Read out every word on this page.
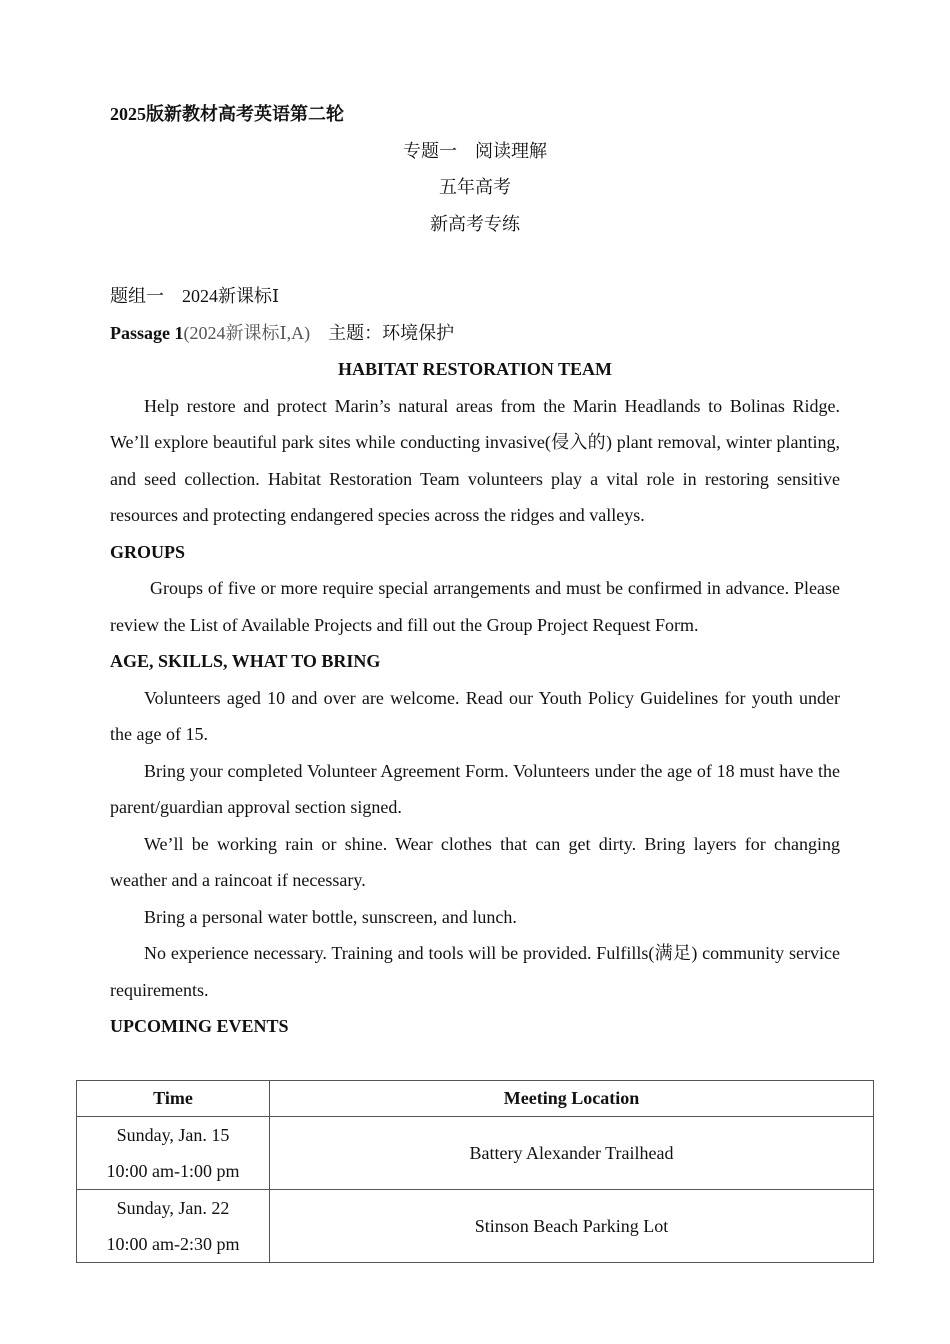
2025版新教材高考英语第二轮

专题一　阅读理解

五年高考

新高考专练

题组一　2024新课标Ⅰ

Passage 1(2024新课标Ⅰ,A)　主题：环境保护

HABITAT RESTORATION TEAM

Help restore and protect Marin’s natural areas from the Marin Headlands to Bolinas Ridge. We’ll explore beautiful park sites while conducting invasive(侵入的) plant removal, winter planting, and seed collection. Habitat Restoration Team volunteers play a vital role in restoring sensitive resources and protecting endangered species across the ridges and valleys.

GROUPS

Groups of five or more require special arrangements and must be confirmed in advance. Please review the List of Available Projects and fill out the Group Project Request Form.

AGE, SKILLS, WHAT TO BRING

Volunteers aged 10 and over are welcome. Read our Youth Policy Guidelines for youth under the age of 15.

Bring your completed Volunteer Agreement Form. Volunteers under the age of 18 must have the parent/guardian approval section signed.

We’ll be working rain or shine. Wear clothes that can get dirty. Bring layers for changing weather and a raincoat if necessary.

Bring a personal water bottle, sunscreen, and lunch.

No experience necessary. Training and tools will be provided. Fulfills(满足) community service requirements.

UPCOMING EVENTS

Time	Meeting Location

Sunday, Jan. 15
10:00 am-1:00 pm	Battery Alexander Trailhead

Sunday, Jan. 22
10:00 am-2:30 pm	Stinson Beach Parking Lot
